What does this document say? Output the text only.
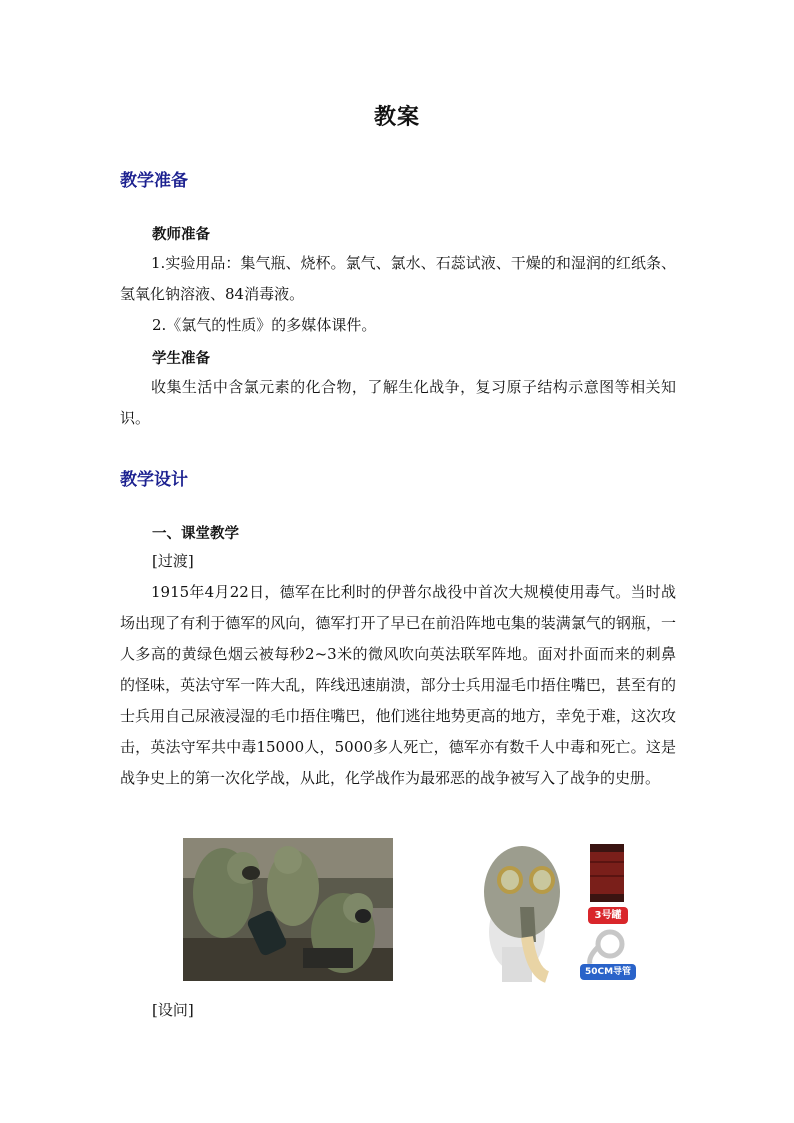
教案
教学准备
教师准备

1.实验用品：集气瓶、烧杯。氯气、氯水、石蕊试液、干燥的和湿润的红纸条、氢氧化钠溶液、84消毒液。

2.《氯气的性质》的多媒体课件。

学生准备

收集生活中含氯元素的化合物，了解生化战争，复习原子结构示意图等相关知识。

教学设计
一、课堂教学

[过渡]

1915年4月22日，德军在比利时的伊普尔战役中首次大规模使用毒气。当时战场出现了有利于德军的风向，德军打开了早已在前沿阵地屯集的装满氯气的钢瓶，一人多高的黄绿色烟云被每秒2~3米的微风吹向英法联军阵地。面对扑面而来的刺鼻的怪味，英法守军一阵大乱，阵线迅速崩溃，部分士兵用湿毛巾捂住嘴巴，甚至有的士兵用自己尿液浸湿的毛巾捂住嘴巴，他们逃往地势更高的地方，幸免于难，这次攻击，英法守军共中毒15000人，5000多人死亡，德军亦有数千人中毒和死亡。这是战争史上的第一次化学战，从此，化学战作为最邪恶的战争被写入了战争的史册。

3号罐
50CM导管

[设问]
